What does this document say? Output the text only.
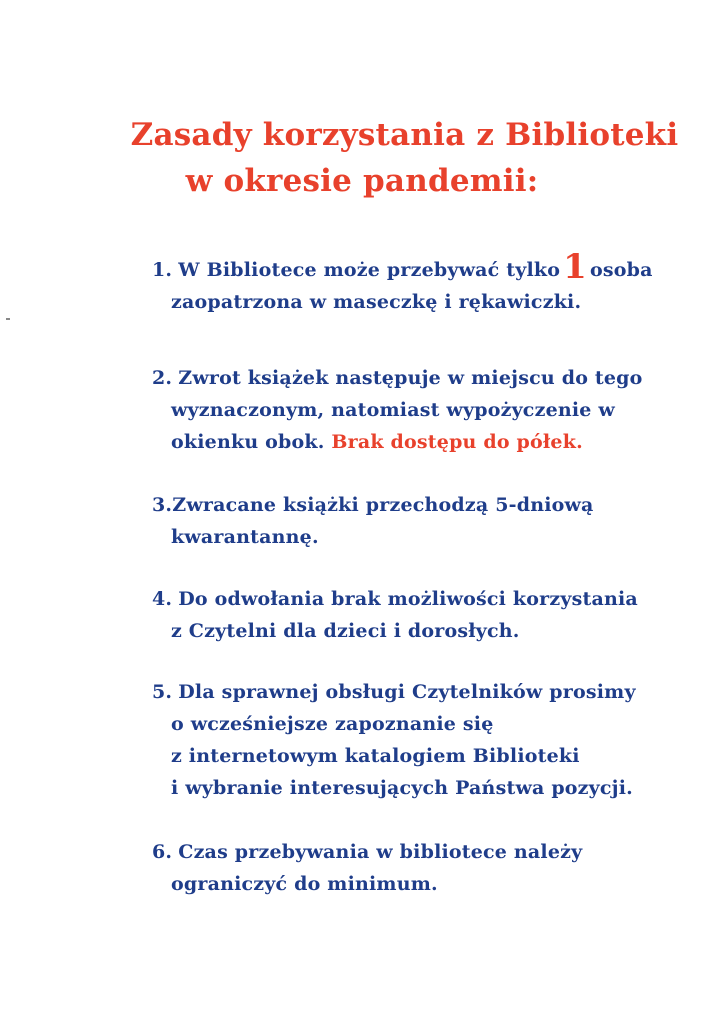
Zasady korzystania z Biblioteki
w okresie pandemii:
1. W Bibliotece może przebywać tylko1 osoba
zaopatrzona w maseczkę i rękawiczki.
2. Zwrot książek następuje w miejscu do tego
wyznaczonym, natomiast wypożyczenie w
okienku obok. Brak dostępu do półek.
3.Zwracane książki przechodzą 5-dniową
kwarantannę.
4. Do odwołania brak możliwości korzystania
z Czytelni dla dzieci i dorosłych.
5. Dla sprawnej obsługi Czytelników prosimy
o wcześniejsze zapoznanie się
z internetowym katalogiem Biblioteki
i wybranie interesujących Państwa pozycji.
6. Czas przebywania w bibliotece należy
ograniczyć do minimum.
